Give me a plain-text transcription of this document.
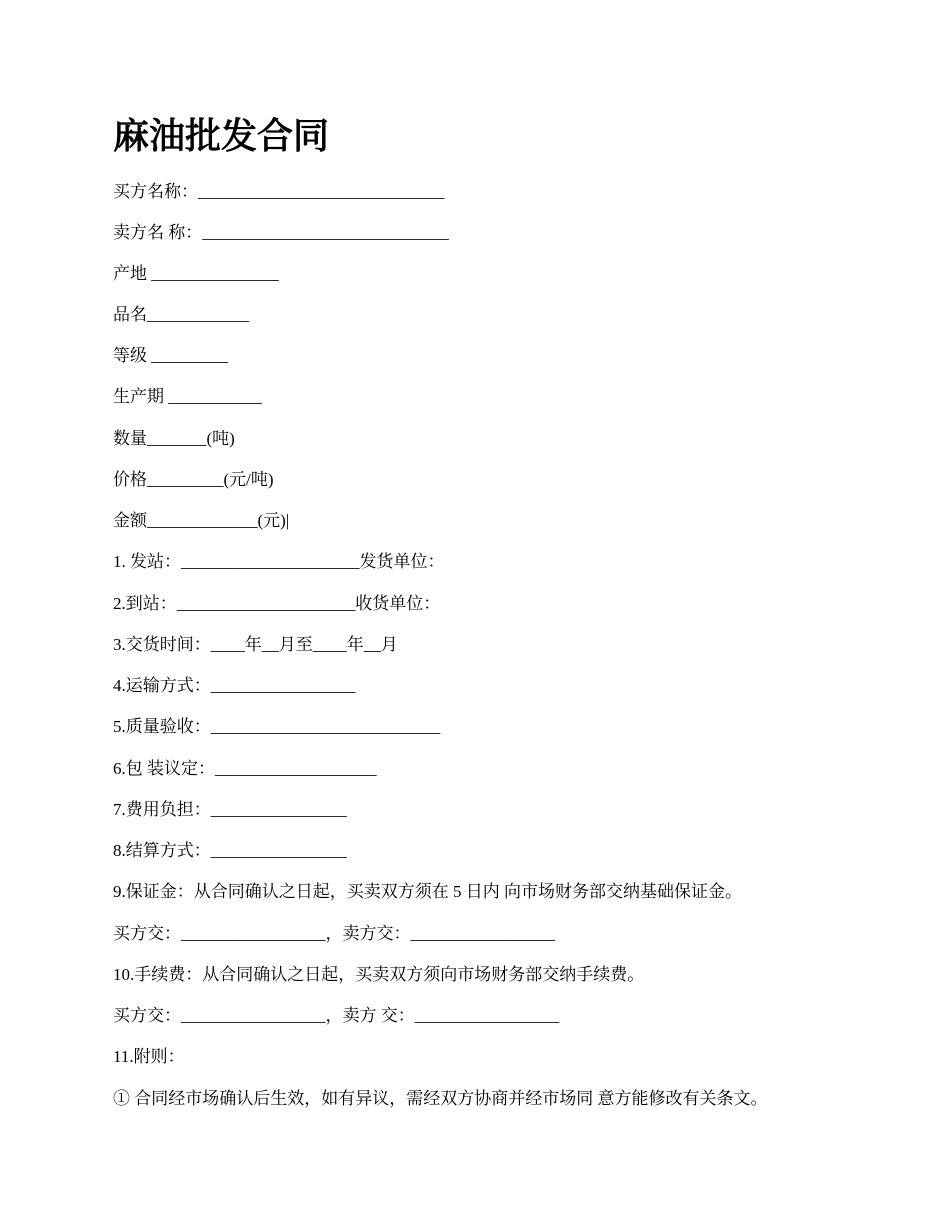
麻油批发合同

买方名称：_____________________________

卖方名 称：_____________________________

产地 _______________

品名____________

等级 _________

生产期 ___________

数量_______(吨)

价格_________(元/吨)

金额_____________(元)|

1. 发站：_____________________发货单位：

2.到站：_____________________收货单位：

3.交货时间：____年__月至____年__月

4.运输方式：_________________

5.质量验收：___________________________

6.包 装议定：___________________

7.费用负担：________________

8.结算方式：________________

9.保证金：从合同确认之日起，买卖双方须在 5 日内 向市场财务部交纳基础保证金。

买方交：_________________，卖方交：_________________

10.手续费：从合同确认之日起，买卖双方须向市场财务部交纳手续费。

买方交：_________________，卖方 交：_________________

11.附则：

① 合同经市场确认后生效，如有异议，需经双方协商并经市场同 意方能修改有关条文。
